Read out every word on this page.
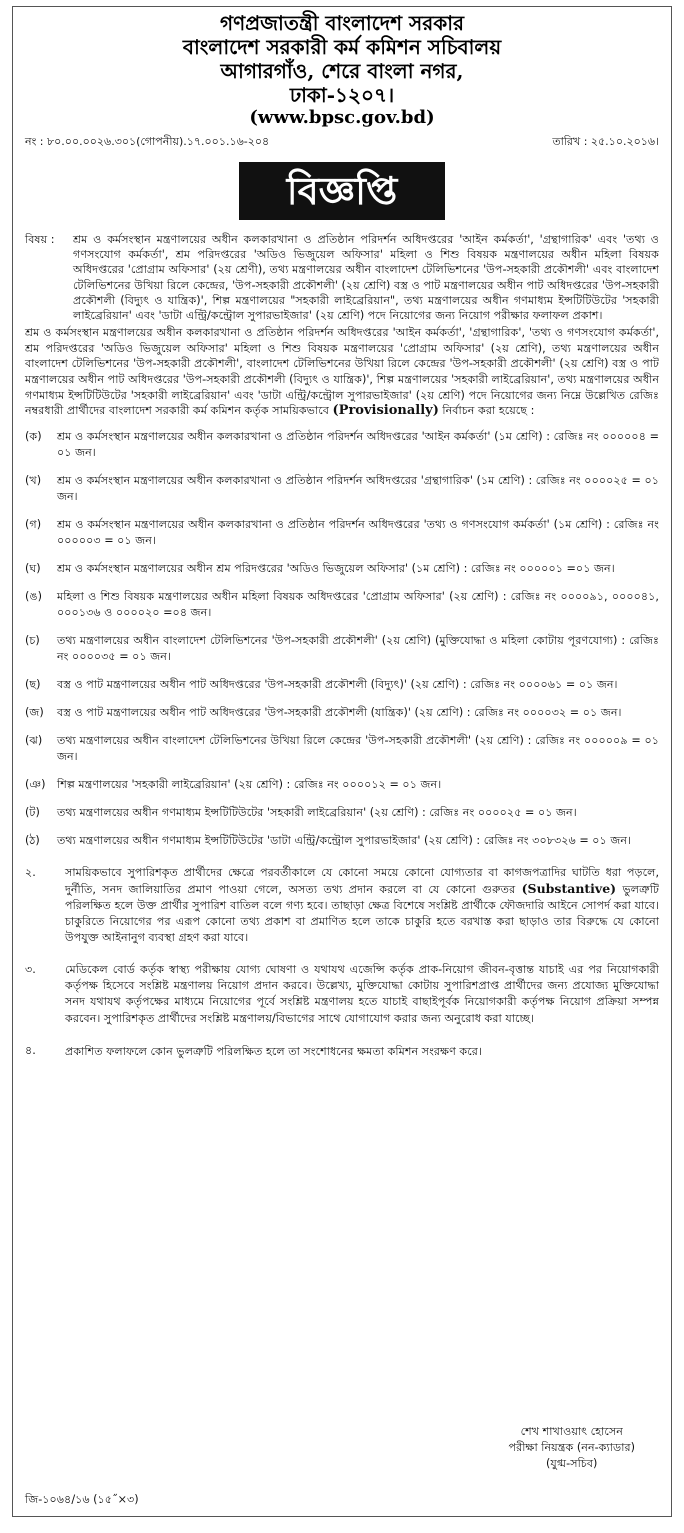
গণপ্রজাতন্ত্রী বাংলাদেশ সরকার
বাংলাদেশ সরকারী কর্ম কমিশন সচিবালয়
আগারগাঁও, শেরে বাংলা নগর,
ঢাকা-১২০৭।
(www.bpsc.gov.bd)
নং : ৮০.০০.০০২৬.৩০১(গোপনীয়).১৭.০০১.১৬-২০৪	তারিখ : ২৫.১০.২০১৬।
বিজ্ঞপ্তি
বিষয় :	শ্রম ও কর্মসংস্থান মন্ত্রণালয়ের অধীন কলকারখানা ও প্রতিষ্ঠান পরিদর্শন অধিদপ্তরের 'আইন কর্মকর্তা', 'গ্রন্থাগারিক' এবং 'তথ্য ও গণসংযোগ কর্মকর্তা', শ্রম পরিদপ্তরের 'অডিও ভিজুয়েল অফিসার' মহিলা ও শিশু বিষয়ক মন্ত্রণালয়ের অধীন মহিলা বিষয়ক অধিদপ্তরের 'প্রোগ্রাম অফিসার' (২য় শ্রেণী), তথ্য মন্ত্রণালয়ের অধীন বাংলাদেশ টেলিভিশনের 'উপ-সহকারী প্রকৌশলী' এবং বাংলাদেশ টেলিভিশনের উখিয়া রিলে কেন্দ্রের, 'উপ-সহকারী প্রকৌশলী' (২য় শ্রেণি) বস্ত্র ও পাট মন্ত্রণালয়ের অধীন পাট অধিদপ্তরের 'উপ-সহকারী প্রকৌশলী (বিদ্যুৎ ও যান্ত্রিক)', শিল্প মন্ত্রণালয়ের "সহকারী লাইব্রেরিয়ান", তথ্য মন্ত্রণালয়ের অধীন গণমাধ্যম ইন্সটিটিউটের 'সহকারী লাইব্রেরিয়ান' এবং 'ডাটা এন্ট্রি/কন্ট্রোল সুপারভাইজার' (২য় শ্রেণি) পদে নিয়োগের জন্য নিয়োগ পরীক্ষার ফলাফল প্রকাশ।
শ্রম ও কর্মসংস্থান মন্ত্রণালয়ের অধীন কলকারখানা ও প্রতিষ্ঠান পরিদর্শন অধিদপ্তরের 'আইন কর্মকর্তা', 'গ্রন্থাগারিক', 'তথ্য ও গণসংযোগ কর্মকর্তা', শ্রম পরিদপ্তরের 'অডিও ভিজুয়েল অফিসার' মহিলা ও শিশু বিষয়ক মন্ত্রণালয়ের 'প্রোগ্রাম অফিসার' (২য় শ্রেণি), তথ্য মন্ত্রণালয়ের অধীন বাংলাদেশ টেলিভিশনের 'উপ-সহকারী প্রকৌশলী', বাংলাদেশ টেলিভিশনের উখিয়া রিলে কেন্দ্রের 'উপ-সহকারী প্রকৌশলী' (২য় শ্রেণি) বস্ত্র ও পাট মন্ত্রণালয়ের অধীন পাট অধিদপ্তরের 'উপ-সহকারী প্রকৌশলী (বিদ্যুৎ ও যান্ত্রিক)', শিল্প মন্ত্রণালয়ের 'সহকারী লাইব্রেরিয়ান', তথ্য মন্ত্রণালয়ের অধীন গণমাধ্যম ইন্সটিটিউটের 'সহকারী লাইব্রেরিয়ান' এবং 'ডাটা এন্ট্রি/কন্ট্রোল সুপারভাইজার' (২য় শ্রেণি) পদে নিয়োগের জন্য নিম্নে উল্লেখিত রেজিঃ নম্বরধারী প্রার্থীদের বাংলাদেশ সরকারী কর্ম কমিশন কর্তৃক সাময়িকভাবে (Provisionally) নির্বাচন করা হয়েছে :
(ক)	শ্রম ও কর্মসংস্থান মন্ত্রণালয়ের অধীন কলকারখানা ও প্রতিষ্ঠান পরিদর্শন অধিদপ্তরের 'আইন কর্মকর্তা' (১ম শ্রেণি) : রেজিঃ নং ০০০০০৪ = ০১ জন।
(খ)	শ্রম ও কর্মসংস্থান মন্ত্রণালয়ের অধীন কলকারখানা ও প্রতিষ্ঠান পরিদর্শন অধিদপ্তরের 'গ্রন্থাগারিক' (১ম শ্রেণি) : রেজিঃ নং ০০০০২৫ = ০১ জন।
(গ)	শ্রম ও কর্মসংস্থান মন্ত্রণালয়ের অধীন কলকারখানা ও প্রতিষ্ঠান পরিদর্শন অধিদপ্তরের 'তথ্য ও গণসংযোগ কর্মকর্তা' (১ম শ্রেণি) : রেজিঃ নং ০০০০০৩ = ০১ জন।
(ঘ)	শ্রম ও কর্মসংস্থান মন্ত্রণালয়ের অধীন শ্রম পরিদপ্তরের 'অডিও ভিজুয়েল অফিসার' (১ম শ্রেণি) : রেজিঃ নং ০০০০০১ =০১ জন।
(ঙ)	মহিলা ও শিশু বিষয়ক মন্ত্রণালয়ের অধীন মহিলা বিষয়ক অধিদপ্তরের 'প্রোগ্রাম অফিসার' (২য় শ্রেণি) : রেজিঃ নং ০০০০৯১, ০০০০৪১, ০০০১৩৬ ও ০০০০২০ =০৪ জন।
(চ)	তথ্য মন্ত্রণালয়ের অধীন বাংলাদেশ টেলিভিশনের 'উপ-সহকারী প্রকৌশলী' (২য় শ্রেণি) (মুক্তিযোদ্ধা ও মহিলা কোটায় পূরণযোগ্য) : রেজিঃ নং ০০০০৩৫ = ০১ জন।
(ছ)	বস্ত্র ও পাট মন্ত্রণালয়ের অধীন পাট অধিদপ্তরের 'উপ-সহকারী প্রকৌশলী (বিদ্যুৎ)' (২য় শ্রেণি) : রেজিঃ নং ০০০০৬১ = ০১ জন।
(জ)	বস্ত্র ও পাট মন্ত্রণালয়ের অধীন পাট অধিদপ্তরের 'উপ-সহকারী প্রকৌশলী (যান্ত্রিক)' (২য় শ্রেণি) : রেজিঃ নং ০০০০৩২ = ০১ জন।
(ঝ)	তথ্য মন্ত্রণালয়ের অধীন বাংলাদেশ টেলিভিশনের উখিয়া রিলে কেন্দ্রের 'উপ-সহকারী প্রকৌশলী' (২য় শ্রেণি) : রেজিঃ নং ০০০০০৯ = ০১ জন।
(ঞ)	শিল্প মন্ত্রণালয়ের 'সহকারী লাইব্রেরিয়ান' (২য় শ্রেণি) : রেজিঃ নং ০০০০১২ = ০১ জন।
(ট)	তথ্য মন্ত্রণালয়ের অধীন গণমাধ্যম ইন্সটিটিউটের 'সহকারী লাইব্রেরিয়ান' (২য় শ্রেণি) : রেজিঃ নং ০০০০২৫ = ০১ জন।
(ঠ)	তথ্য মন্ত্রণালয়ের অধীন গণমাধ্যম ইন্সটিটিউটের 'ডাটা এন্ট্রি/কন্ট্রোল সুপারভাইজার' (২য় শ্রেণি) : রেজিঃ নং ৩০৮৩২৬ = ০১ জন।
২.	সাময়িকভাবে সুপারিশকৃত প্রার্থীদের ক্ষেত্রে পরবর্তীকালে যে কোনো সময়ে কোনো যোগ্যতার বা কাগজপত্রাদির ঘাটতি ধরা পড়লে, দুর্নীতি, সনদ জালিয়াতির প্রমাণ পাওয়া গেলে, অসত্য তথ্য প্রদান করলে বা যে কোনো গুরুতর (Substantive) ভুলত্রুটি পরিলক্ষিত হলে উক্ত প্রার্থীর সুপারিশ বাতিল বলে গণ্য হবে। তাছাড়া ক্ষেত্র বিশেষে সংশ্লিষ্ট প্রার্থীকে ফৌজদারি আইনে সোপর্দ করা যাবে। চাকুরিতে নিয়োগের পর এরূপ কোনো তথ্য প্রকাশ বা প্রমাণিত হলে তাকে চাকুরি হতে বরখাস্ত করা ছাড়াও তার বিরুদ্ধে যে কোনো উপযুক্ত আইনানুগ ব্যবস্থা গ্রহণ করা যাবে।
৩.	মেডিকেল বোর্ড কর্তৃক স্বাস্থ্য পরীক্ষায় যোগ্য ঘোষণা ও যথাযথ এজেন্সি কর্তৃক প্রাক-নিয়োগ জীবন-বৃত্তান্ত যাচাই এর পর নিয়োগকারী কর্তৃপক্ষ হিসেবে সংশ্লিষ্ট মন্ত্রণালয় নিয়োগ প্রদান করবে। উল্লেখ্য, মুক্তিযোদ্ধা কোটায় সুপারিশপ্রাপ্ত প্রার্থীদের জন্য প্রযোজ্য মুক্তিযোদ্ধা সনদ যথাযথ কর্তৃপক্ষের মাধ্যমে নিয়োগের পূর্বে সংশ্লিষ্ট মন্ত্রণালয় হতে যাচাই বাছাইপূর্বক নিয়োগকারী কর্তৃপক্ষ নিয়োগ প্রক্রিয়া সম্পন্ন করবেন। সুপারিশকৃত প্রার্থীদের সংশ্লিষ্ট মন্ত্রণালয়/বিভাগের সাথে যোগাযোগ করার জন্য অনুরোধ করা যাচ্ছে।
৪.	প্রকাশিত ফলাফলে কোন ভুলত্রুটি পরিলক্ষিত হলে তা সংশোধনের ক্ষমতা কমিশন সংরক্ষণ করে।
শেখ শাখাওয়াৎ হোসেন
পরীক্ষা নিয়ন্ত্রক (নন-ক্যাডার)
(যুগ্ম-সচিব)
জি-১০৬৪/১৬ (১৫˝×৩)
